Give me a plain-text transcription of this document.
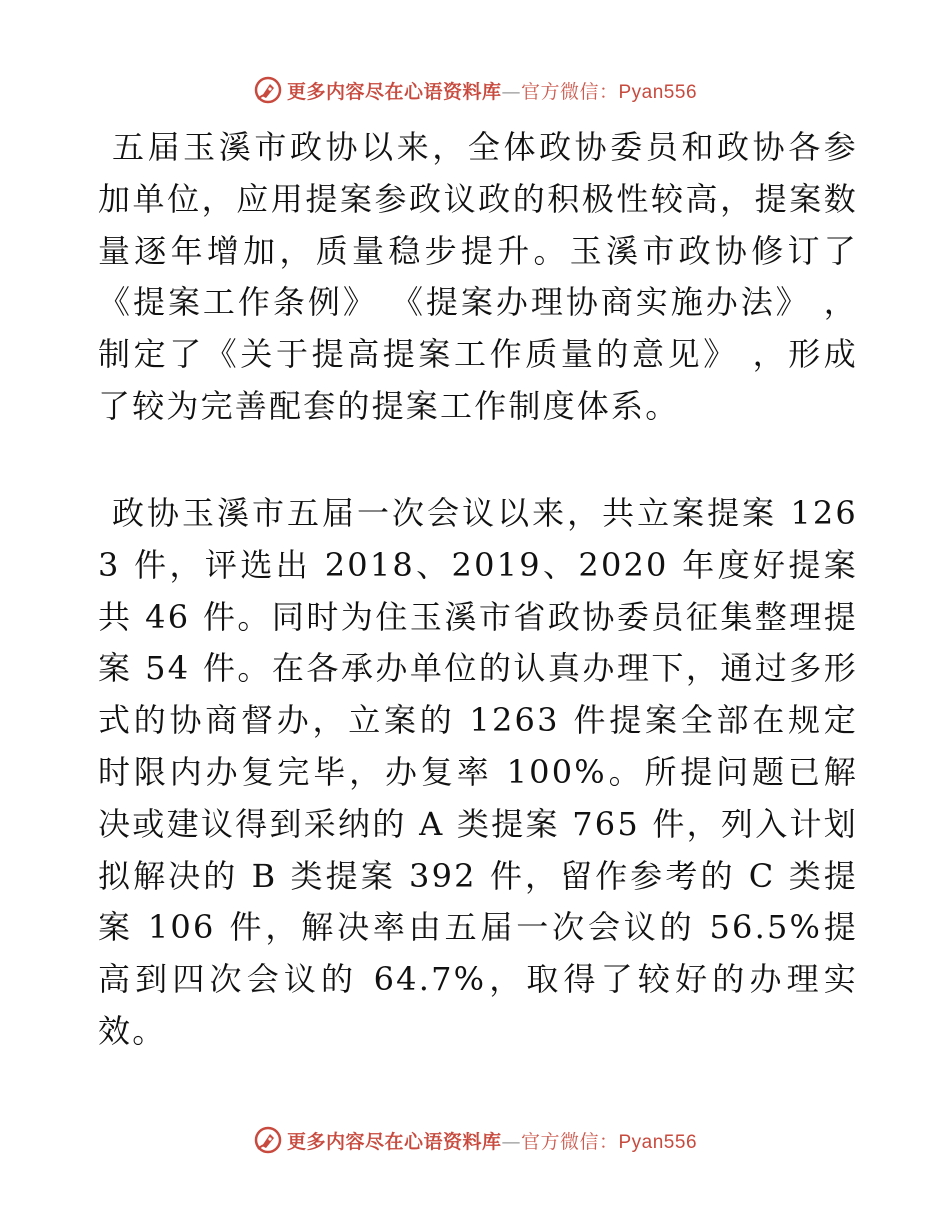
更多内容尽在心语资料库—官方微信：Pyan556

五届玉溪市政协以来，全体政协委员和政协各参加单位，应用提案参政议政的积极性较高，提案数量逐年增加，质量稳步提升。玉溪市政协修订了《提案工作条例》 《提案办理协商实施办法》 ，制定了《关于提高提案工作质量的意见》 ，形成了较为完善配套的提案工作制度体系。

政协玉溪市五届一次会议以来，共立案提案 1263 件，评选出 2018、2019、2020 年度好提案共 46 件。同时为住玉溪市省政协委员征集整理提案 54 件。在各承办单位的认真办理下，通过多形式的协商督办，立案的 1263 件提案全部在规定时限内办复完毕，办复率 100%。所提问题已解决或建议得到采纳的 A 类提案 765 件，列入计划拟解决的 B 类提案 392 件，留作参考的 C 类提案 106 件，解决率由五届一次会议的 56.5%提高到四次会议的 64.7%，取得了较好的办理实效。

更多内容尽在心语资料库—官方微信：Pyan556
